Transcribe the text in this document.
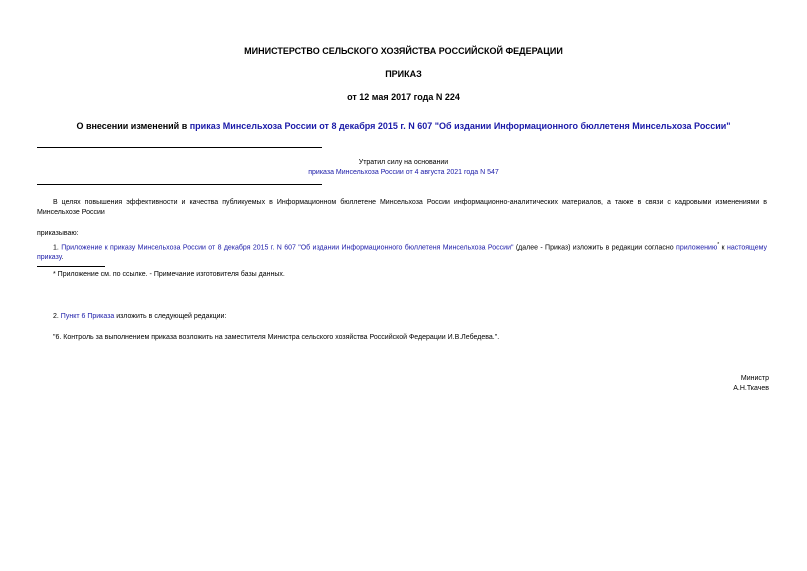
МИНИСТЕРСТВО СЕЛЬСКОГО ХОЗЯЙСТВА РОССИЙСКОЙ ФЕДЕРАЦИИ
ПРИКАЗ
от 12 мая 2017 года N 224
О внесении изменений в приказ Минсельхоза России от 8 декабря 2015 г. N 607 "Об издании Информационного бюллетеня Минсельхоза России"
Утратил силу на основании
приказа Минсельхоза России от 4 августа 2021 года N 547
В целях повышения эффективности и качества публикуемых в Информационном бюллетене Минсельхоза России информационно-аналитических материалов, а также в связи с кадровыми изменениями в Минсельхозе России
приказываю:
1. Приложение к приказу Минсельхоза России от 8 декабря 2015 г. N 607 "Об издании Информационного бюллетеня Минсельхоза России" (далее - Приказ) изложить в редакции согласно приложению* к настоящему приказу.
* Приложение см. по ссылке. - Примечание изготовителя базы данных.
2. Пункт 6 Приказа изложить в следующей редакции:
"6. Контроль за выполнением приказа возложить на заместителя Министра сельского хозяйства Российской Федерации И.В.Лебедева.".
Министр
А.Н.Ткачев
